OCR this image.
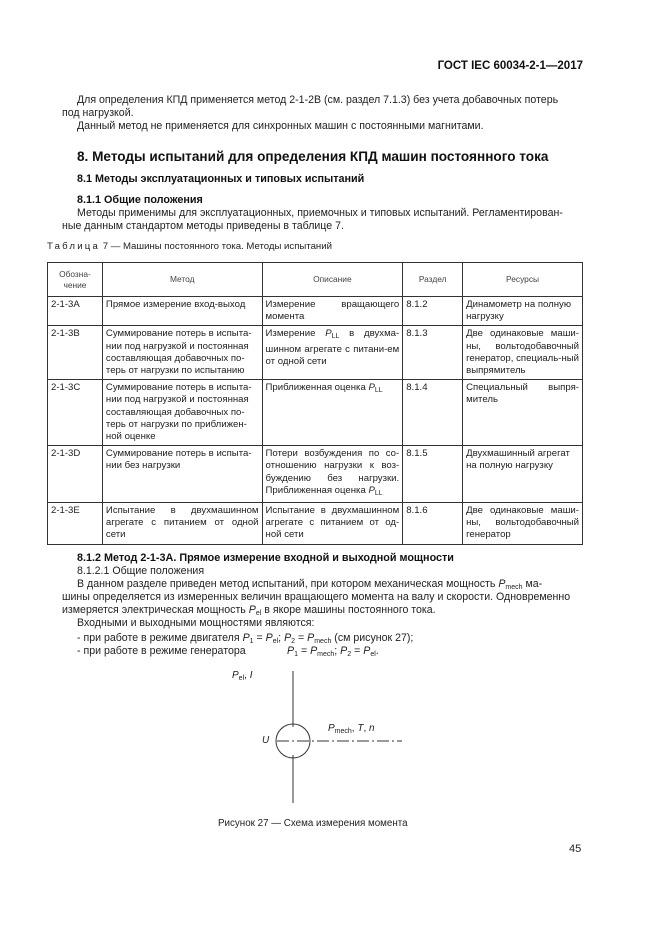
ГОСТ IEC 60034-2-1—2017
Для определения КПД применяется метод 2-1-2В (см. раздел 7.1.3) без учета добавочных потерь
под нагрузкой.
Данный метод не применяется для синхронных машин с постоянными магнитами.
8. Методы испытаний для определения КПД машин постоянного тока
8.1 Методы эксплуатационных и типовых испытаний
8.1.1 Общие положения
Методы применимы для эксплуатационных, приемочных и типовых испытаний. Регламентирован-
ные данным стандартом методы приведены в таблице 7.
Таблица 7 — Машины постоянного тока. Методы испытаний
Обозна-
чение	Метод	Описание	Раздел	Ресурсы
2-1-3A	Прямое измерение вход-выход	Измерение вращающего момента	8.1.2	Динамометр на полную нагрузку
2-1-3B	Суммирование потерь в испыта-нии под нагрузкой и постоянная составляющая добавочных по-терь от нагрузки по испытанию	Измерение $P_{LL}$ в двухма-шинном агрегате с питани-ем от одной сети	8.1.3	Две одинаковые маши-ны, вольтодобавочный генератор, специаль-ный выпрямитель
2-1-3C	Суммирование потерь в испыта-нии под нагрузкой и постоянная составляющая добавочных по-терь от нагрузки по приближен-ной оценке	Приближенная оценка $P_{LL}$	8.1.4	Специальный выпря-митель
2-1-3D	Суммирование потерь в испыта-нии без нагрузки	Потери возбуждения по со-отношению нагрузки к воз-буждению без нагрузки. Приближенная оценка $P_{LL}$	8.1.5	Двухмашинный агрегат на полную нагрузку
2-1-3E	Испытание в двухмашинном агрегате с питанием от одной сети	Испытание в двухмашинном агрегате с питанием от од-ной сети	8.1.6	Две одинаковые маши-ны, вольтодобавочный генератор
8.1.2 Метод 2-1-3А. Прямое измерение входной и выходной мощности
8.1.2.1 Общие положения
В данном разделе приведен метод испытаний, при котором механическая мощность $P_{mech}$ ма-
шины определяется из измеренных величин вращающего момента на валу и скорости. Одновременно
измеряется электрическая мощность $P_{el}$ в якоре машины постоянного тока.
Входными и выходными мощностями являются:
- при работе в режиме двигателя $P_1 = P_{el}$; $P_2 = P_{mech}$ (см рисунок 27);
- при работе в режиме генератора	$P_1 = P_{mech}$; $P_2 = P_{el}$.
$P_{el}$, I
U
$P_{mech}$, T, n
Рисунок 27 — Схема измерения момента
45
